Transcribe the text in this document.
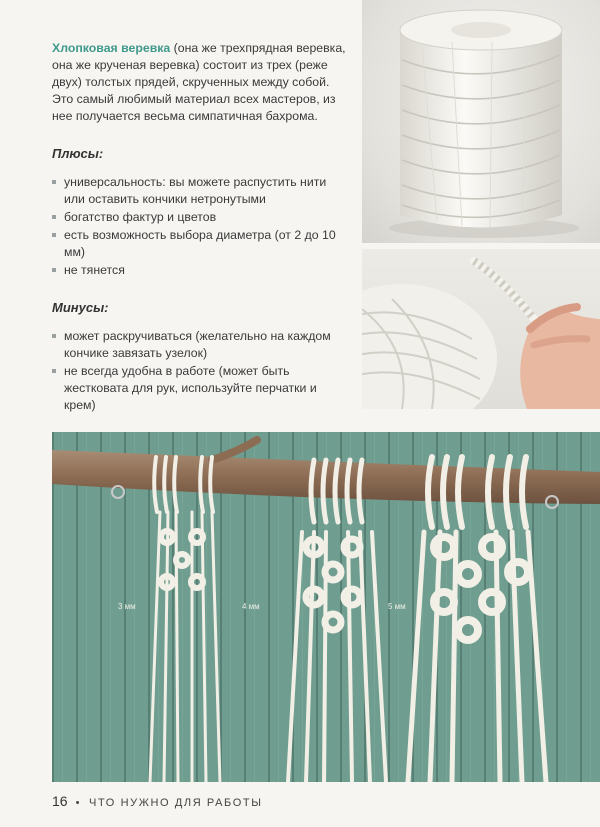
Хлопковая веревка (она же трехпрядная веревка, она же крученая веревка) состоит из трех (реже двух) толстых прядей, скрученных между собой. Это самый любимый материал всех мастеров, из нее получается весьма симпатичная бахрома.

Плюсы:
универсальность: вы можете распустить нити или оставить кончики нетронутыми
богатство фактур и цветов
есть возможность выбора диаметра (от 2 до 10 мм)
не тянется
Минусы:
может раскручиваться (желательно на каждом кончике завязать узелок)
не всегда удобна в работе (может быть жестковата для рук, используйте перчатки и крем)
3 мм	4 мм	5 мм
16 • ЧТО НУЖНО ДЛЯ РАБОТЫ
